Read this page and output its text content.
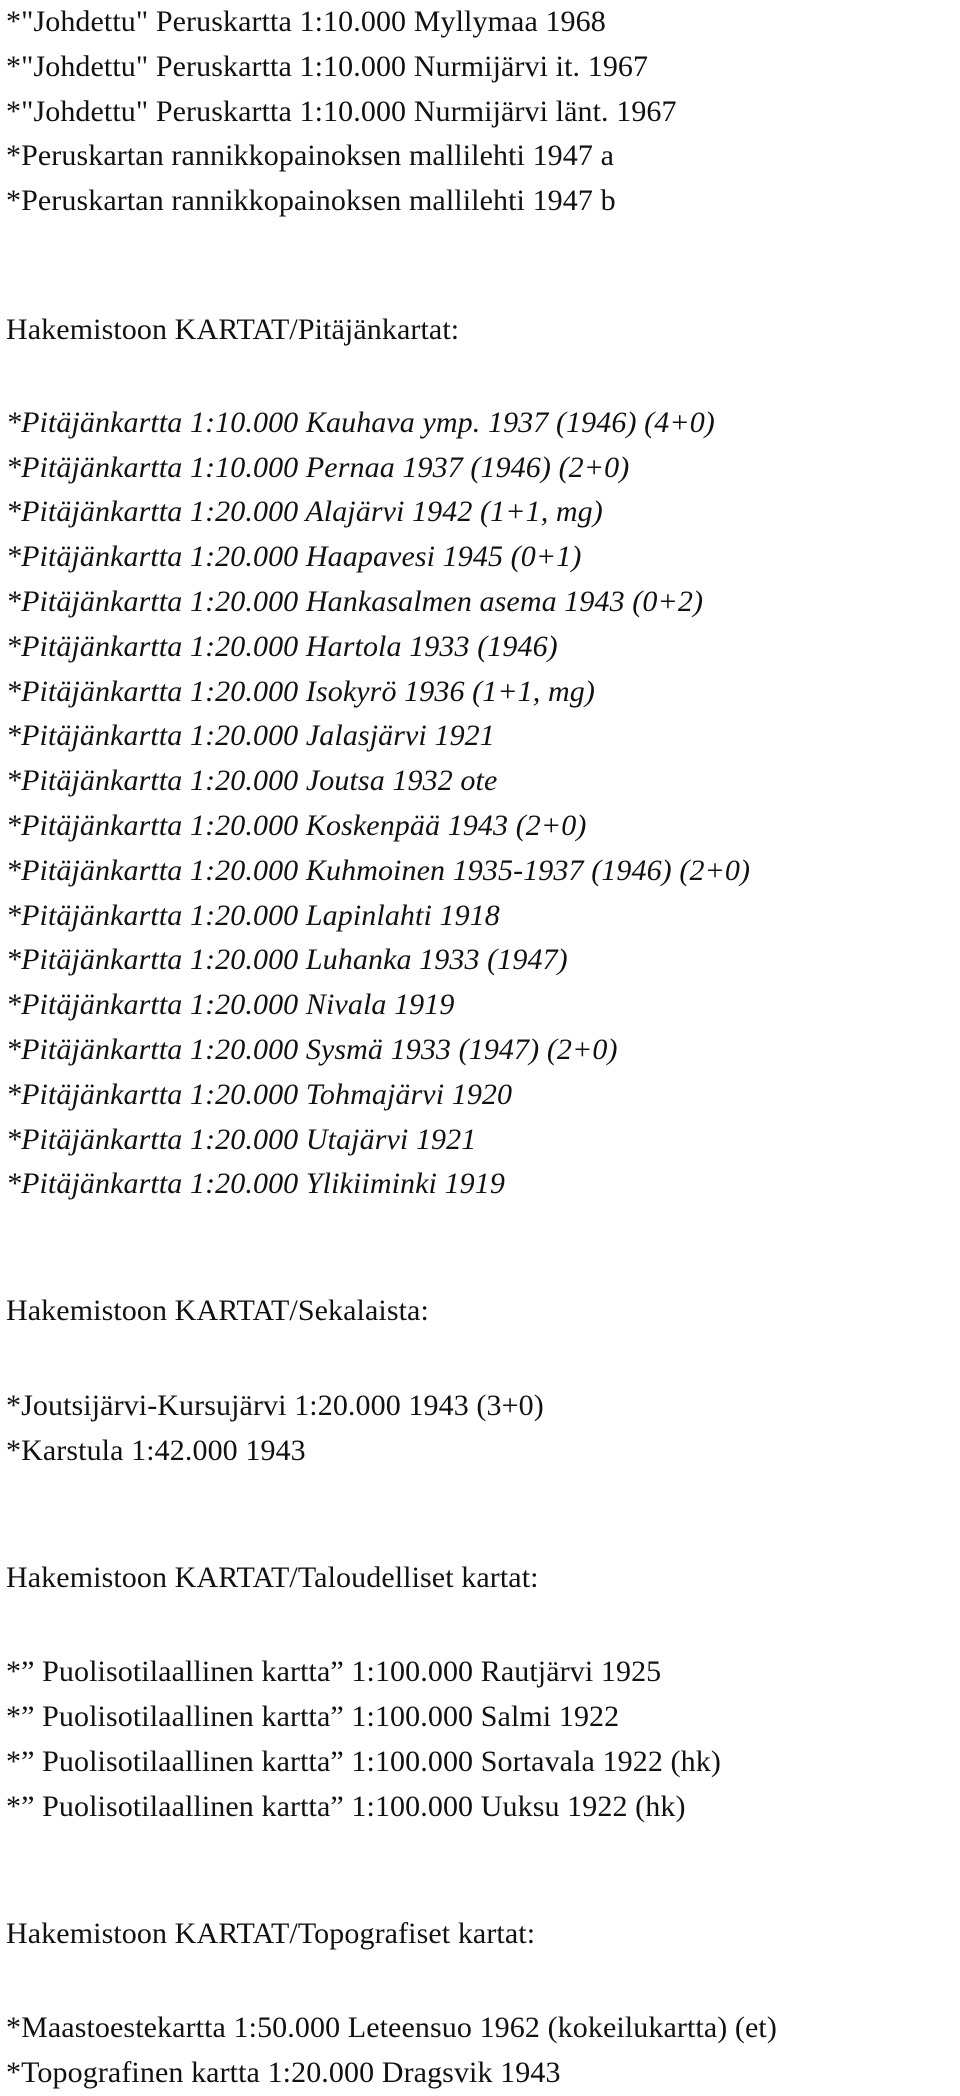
*"Johdettu" Peruskartta 1:10.000 Myllymaa 1968
*"Johdettu" Peruskartta 1:10.000 Nurmijärvi it. 1967
*"Johdettu" Peruskartta 1:10.000 Nurmijärvi länt. 1967
*Peruskartan rannikkopainoksen mallilehti 1947 a
*Peruskartan rannikkopainoksen mallilehti 1947 b
Hakemistoon KARTAT/Pitäjänkartat:
*Pitäjänkartta 1:10.000 Kauhava ymp. 1937 (1946) (4+0)
*Pitäjänkartta 1:10.000 Pernaa 1937 (1946) (2+0)
*Pitäjänkartta 1:20.000 Alajärvi 1942 (1+1, mg)
*Pitäjänkartta 1:20.000 Haapavesi 1945 (0+1)
*Pitäjänkartta 1:20.000 Hankasalmen asema 1943 (0+2)
*Pitäjänkartta 1:20.000 Hartola 1933 (1946)
*Pitäjänkartta 1:20.000 Isokyrö 1936 (1+1, mg)
*Pitäjänkartta 1:20.000 Jalasjärvi 1921
*Pitäjänkartta 1:20.000 Joutsa 1932 ote
*Pitäjänkartta 1:20.000 Koskenpää 1943 (2+0)
*Pitäjänkartta 1:20.000 Kuhmoinen 1935-1937 (1946) (2+0)
*Pitäjänkartta 1:20.000 Lapinlahti 1918
*Pitäjänkartta 1:20.000 Luhanka 1933 (1947)
*Pitäjänkartta 1:20.000 Nivala 1919
*Pitäjänkartta 1:20.000 Sysmä 1933 (1947) (2+0)
*Pitäjänkartta 1:20.000 Tohmajärvi 1920
*Pitäjänkartta 1:20.000 Utajärvi 1921
*Pitäjänkartta 1:20.000 Ylikiiminki 1919
Hakemistoon KARTAT/Sekalaista:
*Joutsijärvi-Kursujärvi 1:20.000 1943 (3+0)
*Karstula 1:42.000 1943
Hakemistoon KARTAT/Taloudelliset kartat:
*” Puolisotilaallinen kartta” 1:100.000 Rautjärvi 1925
*” Puolisotilaallinen kartta” 1:100.000 Salmi 1922
*” Puolisotilaallinen kartta” 1:100.000 Sortavala 1922 (hk)
*” Puolisotilaallinen kartta” 1:100.000 Uuksu 1922 (hk)
Hakemistoon KARTAT/Topografiset kartat:
*Maastoestekartta 1:50.000 Leteensuo 1962 (kokeilukartta) (et)
*Topografinen kartta 1:20.000 Dragsvik 1943
